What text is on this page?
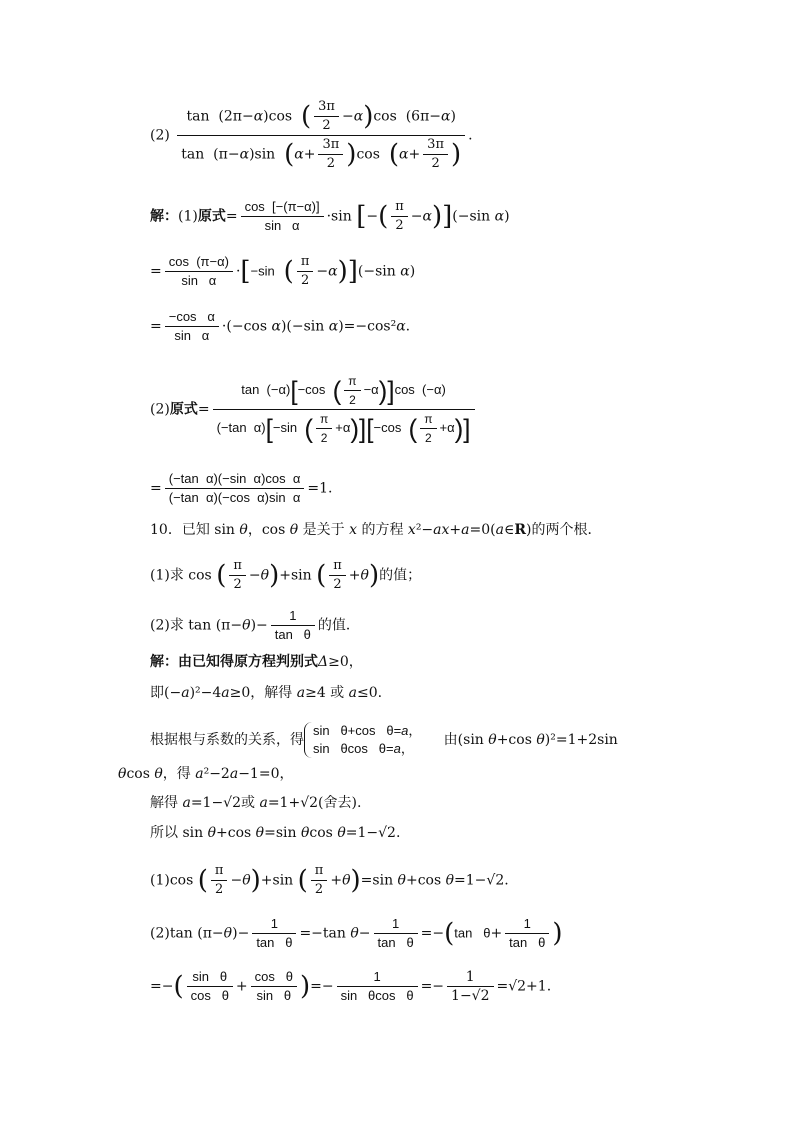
$(2) \frac{\tan (2\pi-\alpha)\cos ( \frac{3\pi}{2} -\alpha)\cos (6\pi-\alpha)}{\tan (\pi-\alpha)\sin (\alpha+ \frac{3\pi}{2} )\cos (\alpha+ \frac{3\pi}{2} )}$ .
解：(1)原式= $\frac{\cos [-(\pi-\alpha)]}{\text{sin   α}} \cdot\sin$ [−( $\frac{\pi}{2} -\alpha)](-\sin$ α)
= $\frac{\cos (\pi-\alpha)}{\text{sin   α}} \cdot[-\sin$ ( $\frac{\pi}{2} -\alpha)](-\sin$ α)
= $\frac{\text{−cos   α}}{\text{sin   α}} \cdot(-\cos$ α)(−sin α)=−cos²α.
(2)原式= $\frac{\tan (-\alpha)[-\cos ( \frac{\pi}{2} -\alpha)]\cos (-\alpha)}{(-\tan \alpha)[-\sin ( \frac{\pi}{2} +\alpha)][-\cos ( \frac{\pi}{2} +\alpha)]}$
= $\frac{\text{(−tan  α)(−sin  α)cos  α}}{\text{(−tan  α)(−cos  α)sin  α}} =1$.
10．已知 sin θ，cos θ 是关于 x 的方程 x²−ax+a=0(a∈R)的两个根．
(1)求 cos ( $\frac{\pi}{2} -\theta)+\sin$ ( $\frac{\pi}{2} +\theta$)的值；
(2)求 $\tan (\pi-\theta)- \frac{1}{\text{tan   θ}}$ 的值．
解：由已知得原方程判别式Δ≥0，
即(−a)²−4a≥0，解得 a≥4 或 a≤0.
根据根与系数的关系，得
sin   θ+cos   θ=a，
sin   θcos   θ=a，
由(sin θ+cos θ)²=1+2sin
θcos θ，得 a²−2a−1=0，
解得 a=1−√2或 a=1+√2(舍去).
所以 sin θ+cos θ=sin θcos θ=1−√2.
(1)cos ( $\frac{\pi}{2} -\theta)+\sin$ ( $\frac{\pi}{2} +\theta)=\sin$ θ+cos θ=1−√2.
(2)tan $(\pi-\theta)- \frac{1}{\text{tan   θ}} =-\tan$ $\theta- \frac{1}{\text{tan   θ}} =-(\tan$   $\theta+ \frac{1}{\text{tan   θ}}$ )
=−( $\frac{\text{sin   θ}}{\text{cos   θ}} + \frac{\text{cos   θ}}{\text{sin   θ}}$ )=− $\frac{1}{\text{sin   θcos   θ}} =- \frac{1}{1-√2} =√2+1$.
